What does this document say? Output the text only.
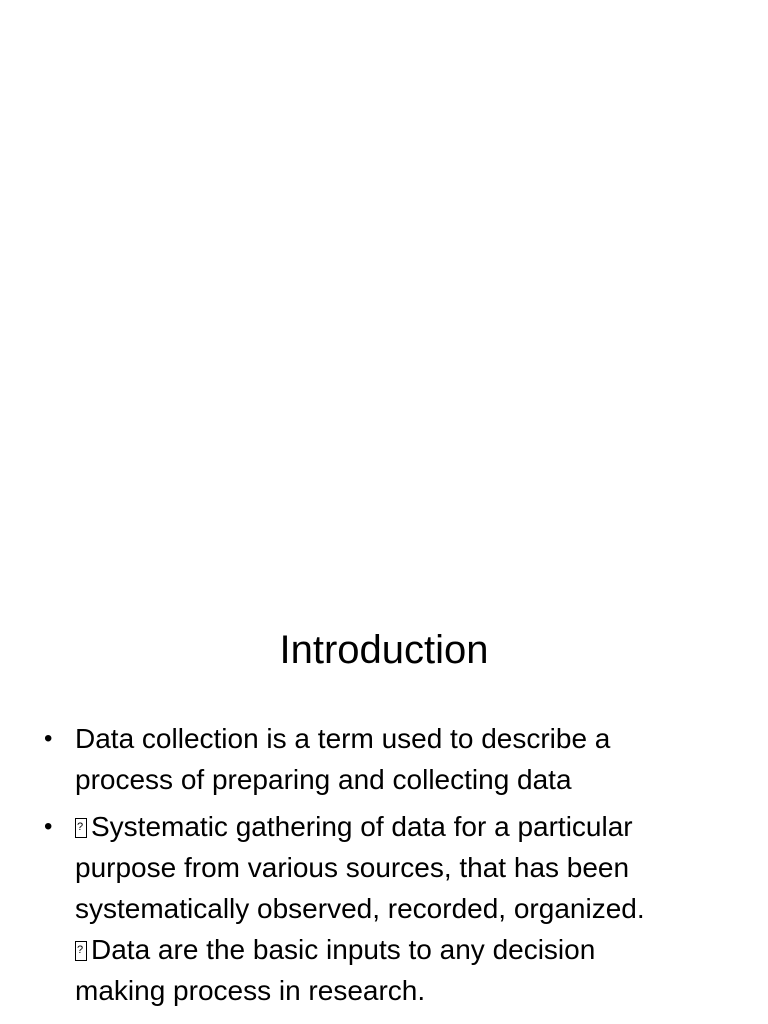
Introduction
• Data collection is a term used to describe a
process of preparing and collecting data
•
?	Systematic gathering of data for a particular
purpose from various sources, that has been
systematically observed, recorded, organized.
?Data are the basic inputs to any decision
making process in research.
